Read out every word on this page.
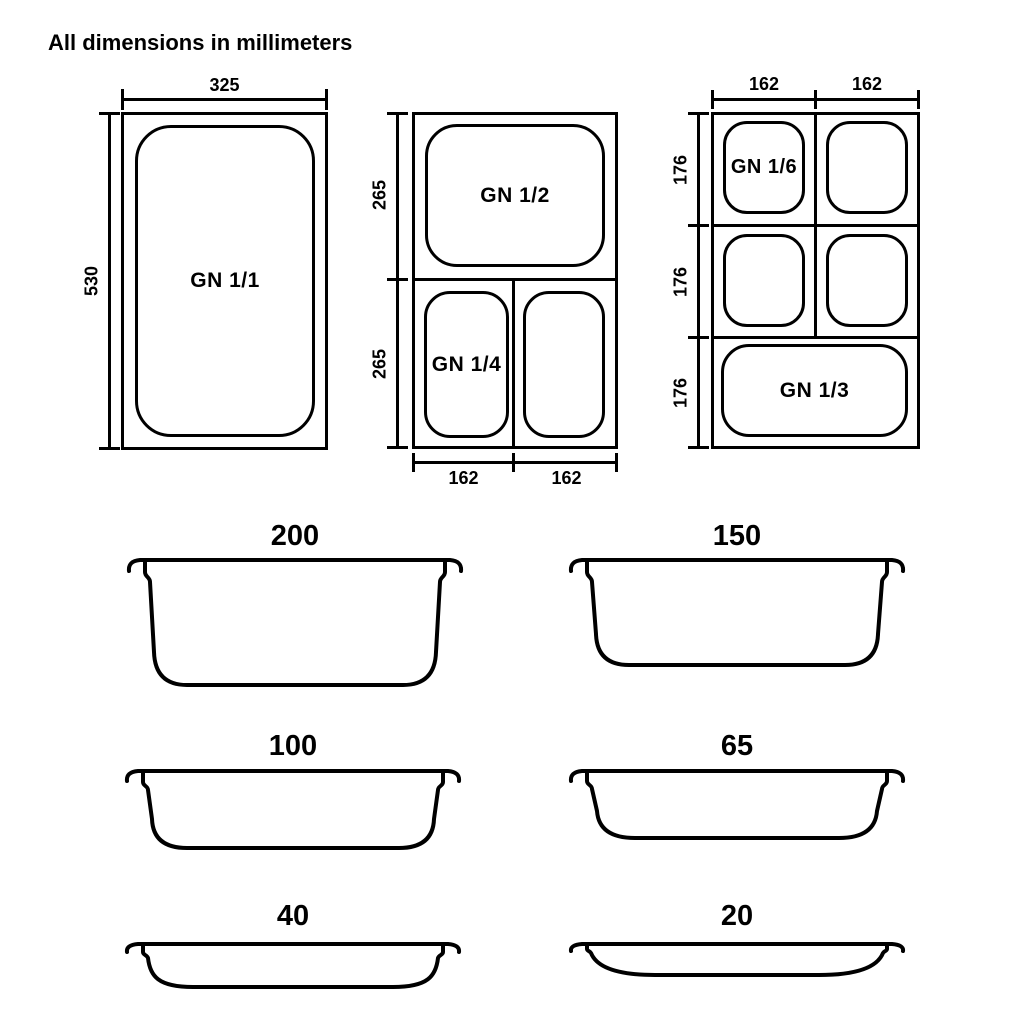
All dimensions in millimeters
325
530	GN 1/1
265
265
GN 1/2
GN 1/4
162	162
162	162
176
176
176
GN 1/6
GN 1/3
200	150
100	65
40	20
